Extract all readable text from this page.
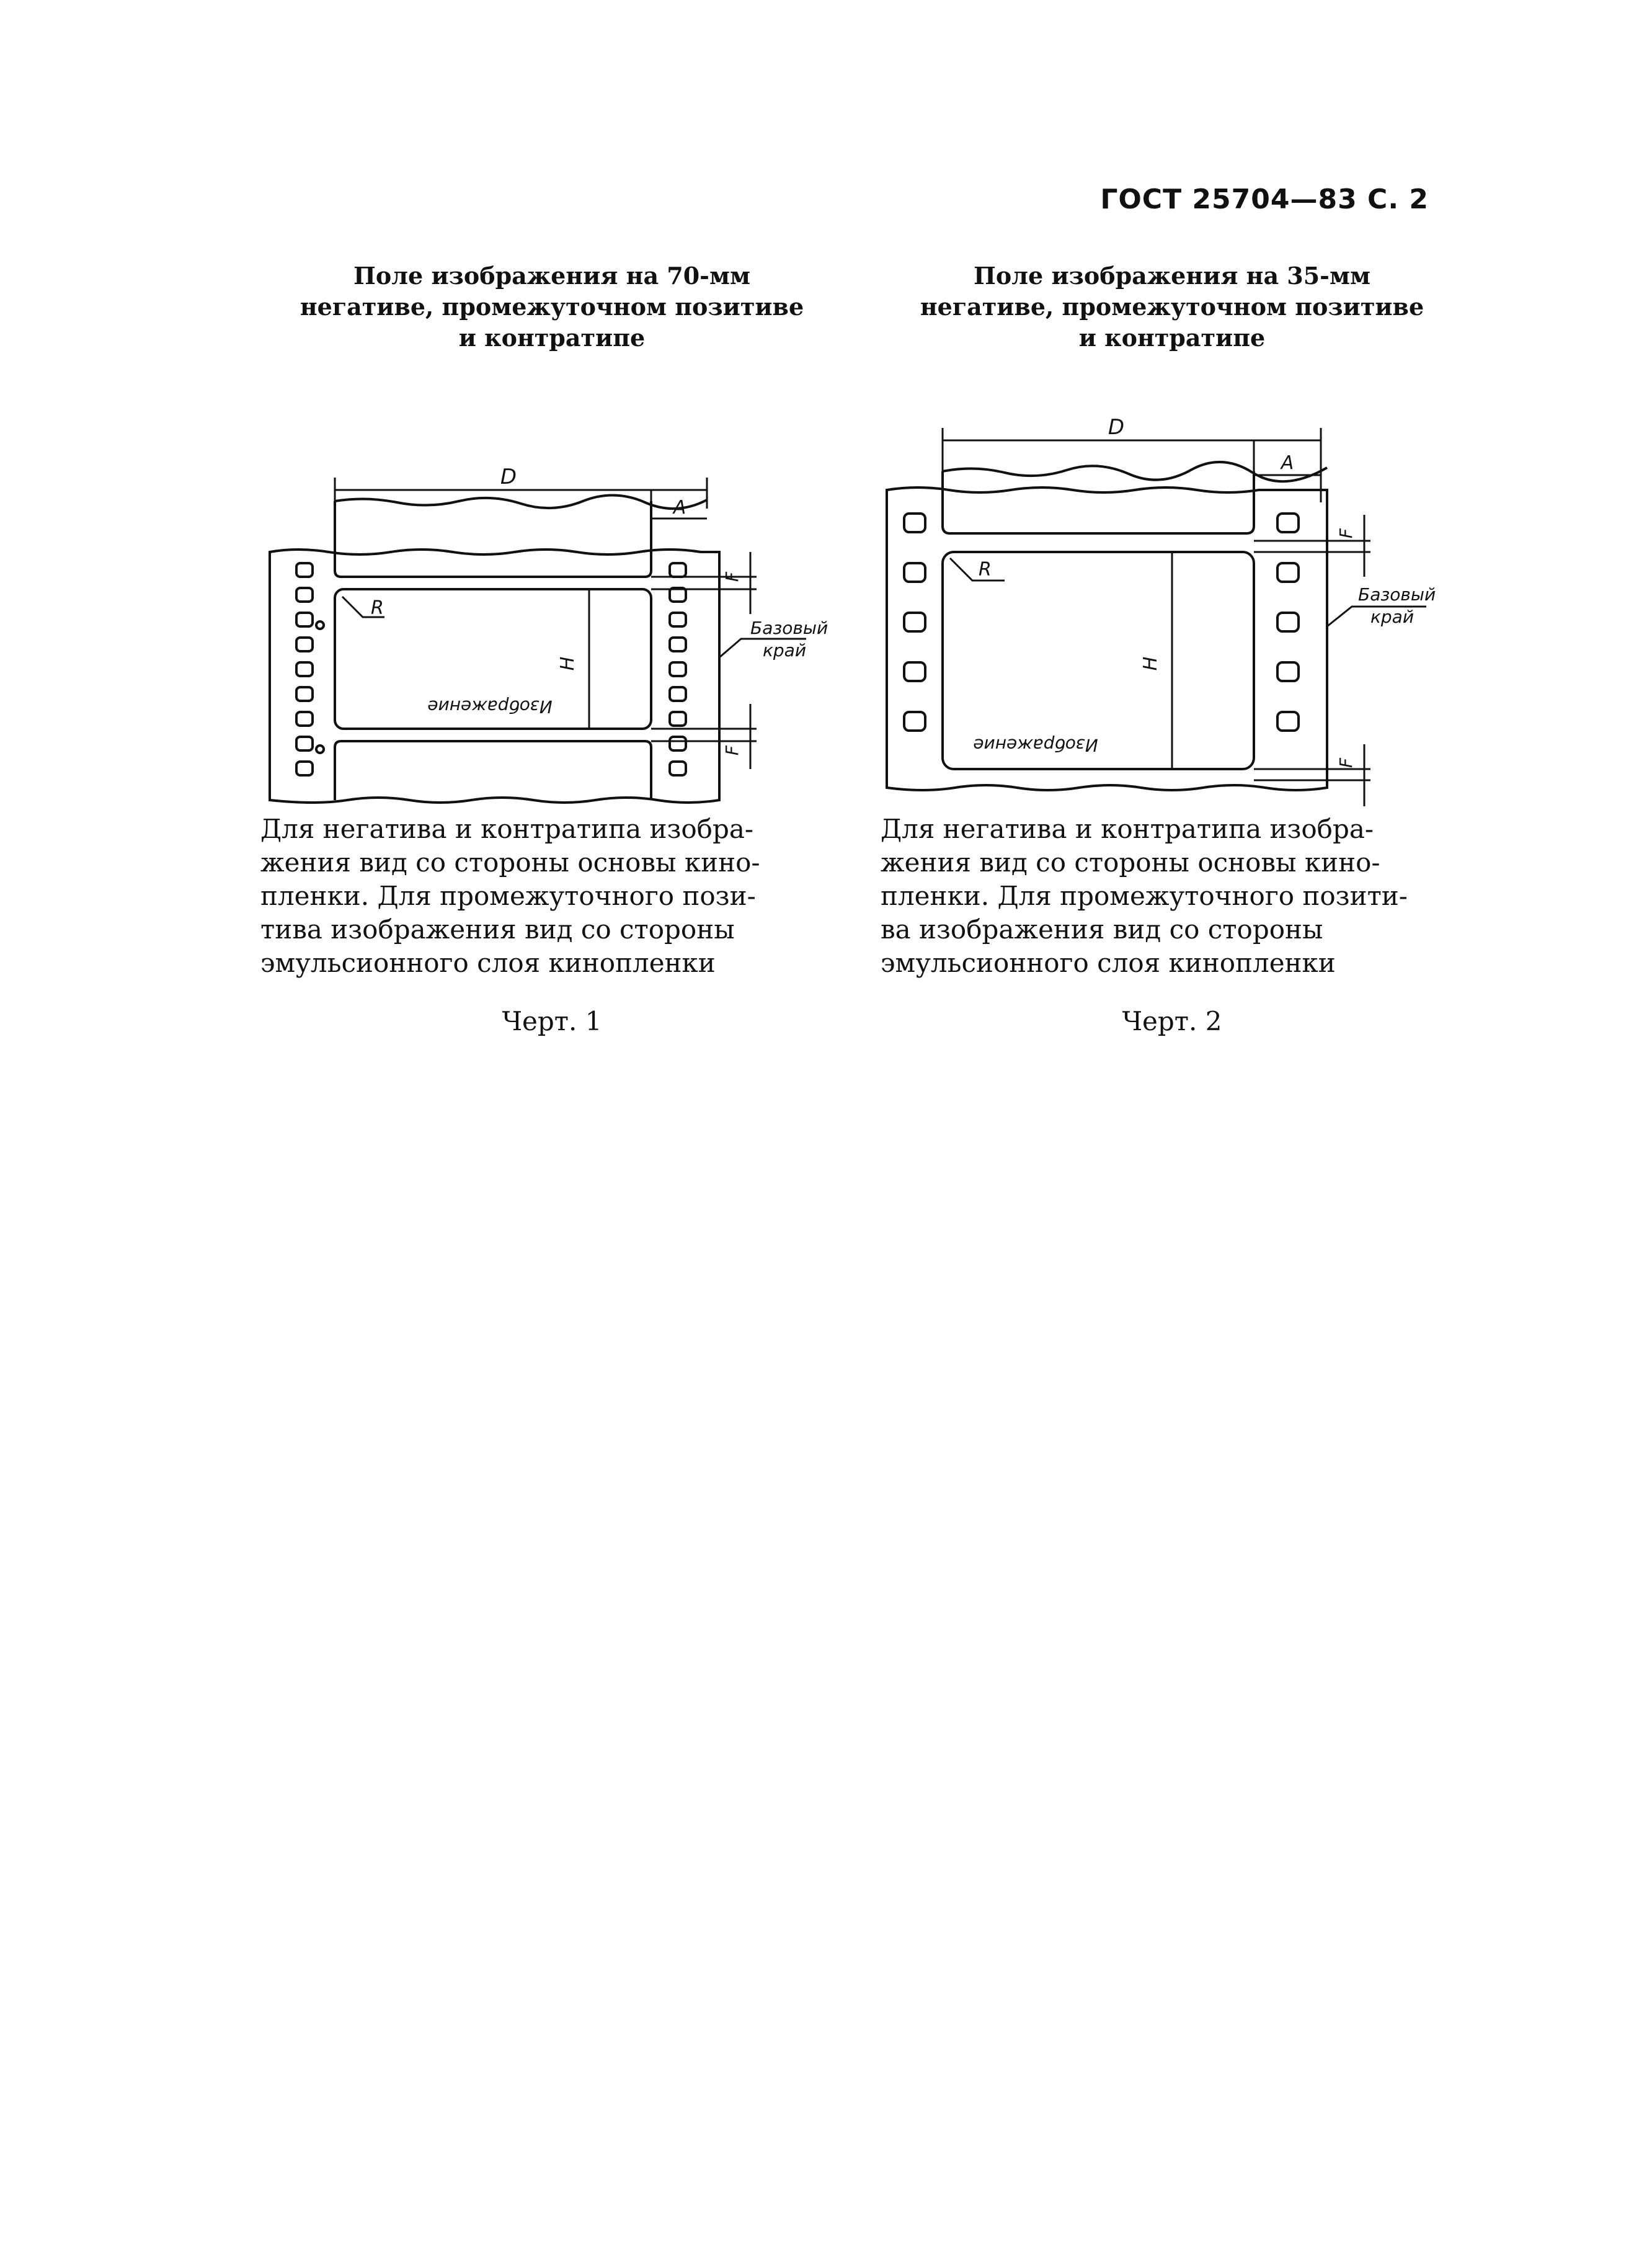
ГОСТ 25704—83 С. 2
Поле изображения на 70-мм
негативе, промежуточном позитиве
и контратипе
D
A
R
H
F
F
Базовый
край
Изображение
Для негатива и контратипа изобра-
жения вид со стороны основы кино-
пленки. Для промежуточного пози-
тива изображения вид со стороны
эмульсионного слоя кинопленки
Черт. 1
Поле изображения на 35-мм
негативе, промежуточном позитиве
и контратипе
D
A
R
H
F
F
Базовый
край
Изображение
Для негатива и контратипа изобра-
жения вид со стороны основы кино-
пленки. Для промежуточного позити-
ва изображения вид со стороны
эмульсионного слоя кинопленки
Черт. 2
